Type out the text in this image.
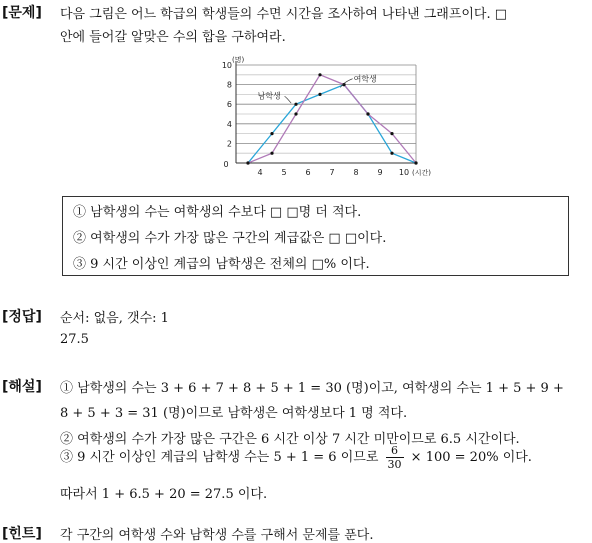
[문제] 다음 그림은 어느 학급의 학생들의 수면 시간을 조사하여 나타낸 그래프이다. □
안에 들어갈 알맞은 수의 합을 구하여라.
2
4
6
8
10
(명)
0
4 5 6 7 8 9 10 (시간)
남학생
여학생
① 남학생의 수는 여학생의 수보다 □ □명 더 적다.
② 여학생의 수가 가장 많은 구간의 계급값은 □ □이다.
③ 9 시간 이상인 계급의 남학생은 전체의 □% 이다.
[정답] 순서: 없음, 갯수: 1
27.5
[해설] ① 남학생의 수는 3 + 6 + 7 + 8 + 5 + 1 = 30 (명)이고, 여학생의 수는 1 + 5 + 9 +
8 + 5 + 3 = 31 (명)이므로 남학생은 여학생보다 1 명 적다.
② 여학생의 수가 가장 많은 구간은 6 시간 이상 7 시간 미만이므로 6.5 시간이다.
③ 9 시간 이상인 계급의 남학생 수는 5 + 1 = 6 이므로 $\frac{6}{30} \times 100 = 20\%$ 이다.
따라서 1 + 6.5 + 20 = 27.5 이다.
[힌트] 각 구간의 여학생 수와 남학생 수를 구해서 문제를 푼다.
